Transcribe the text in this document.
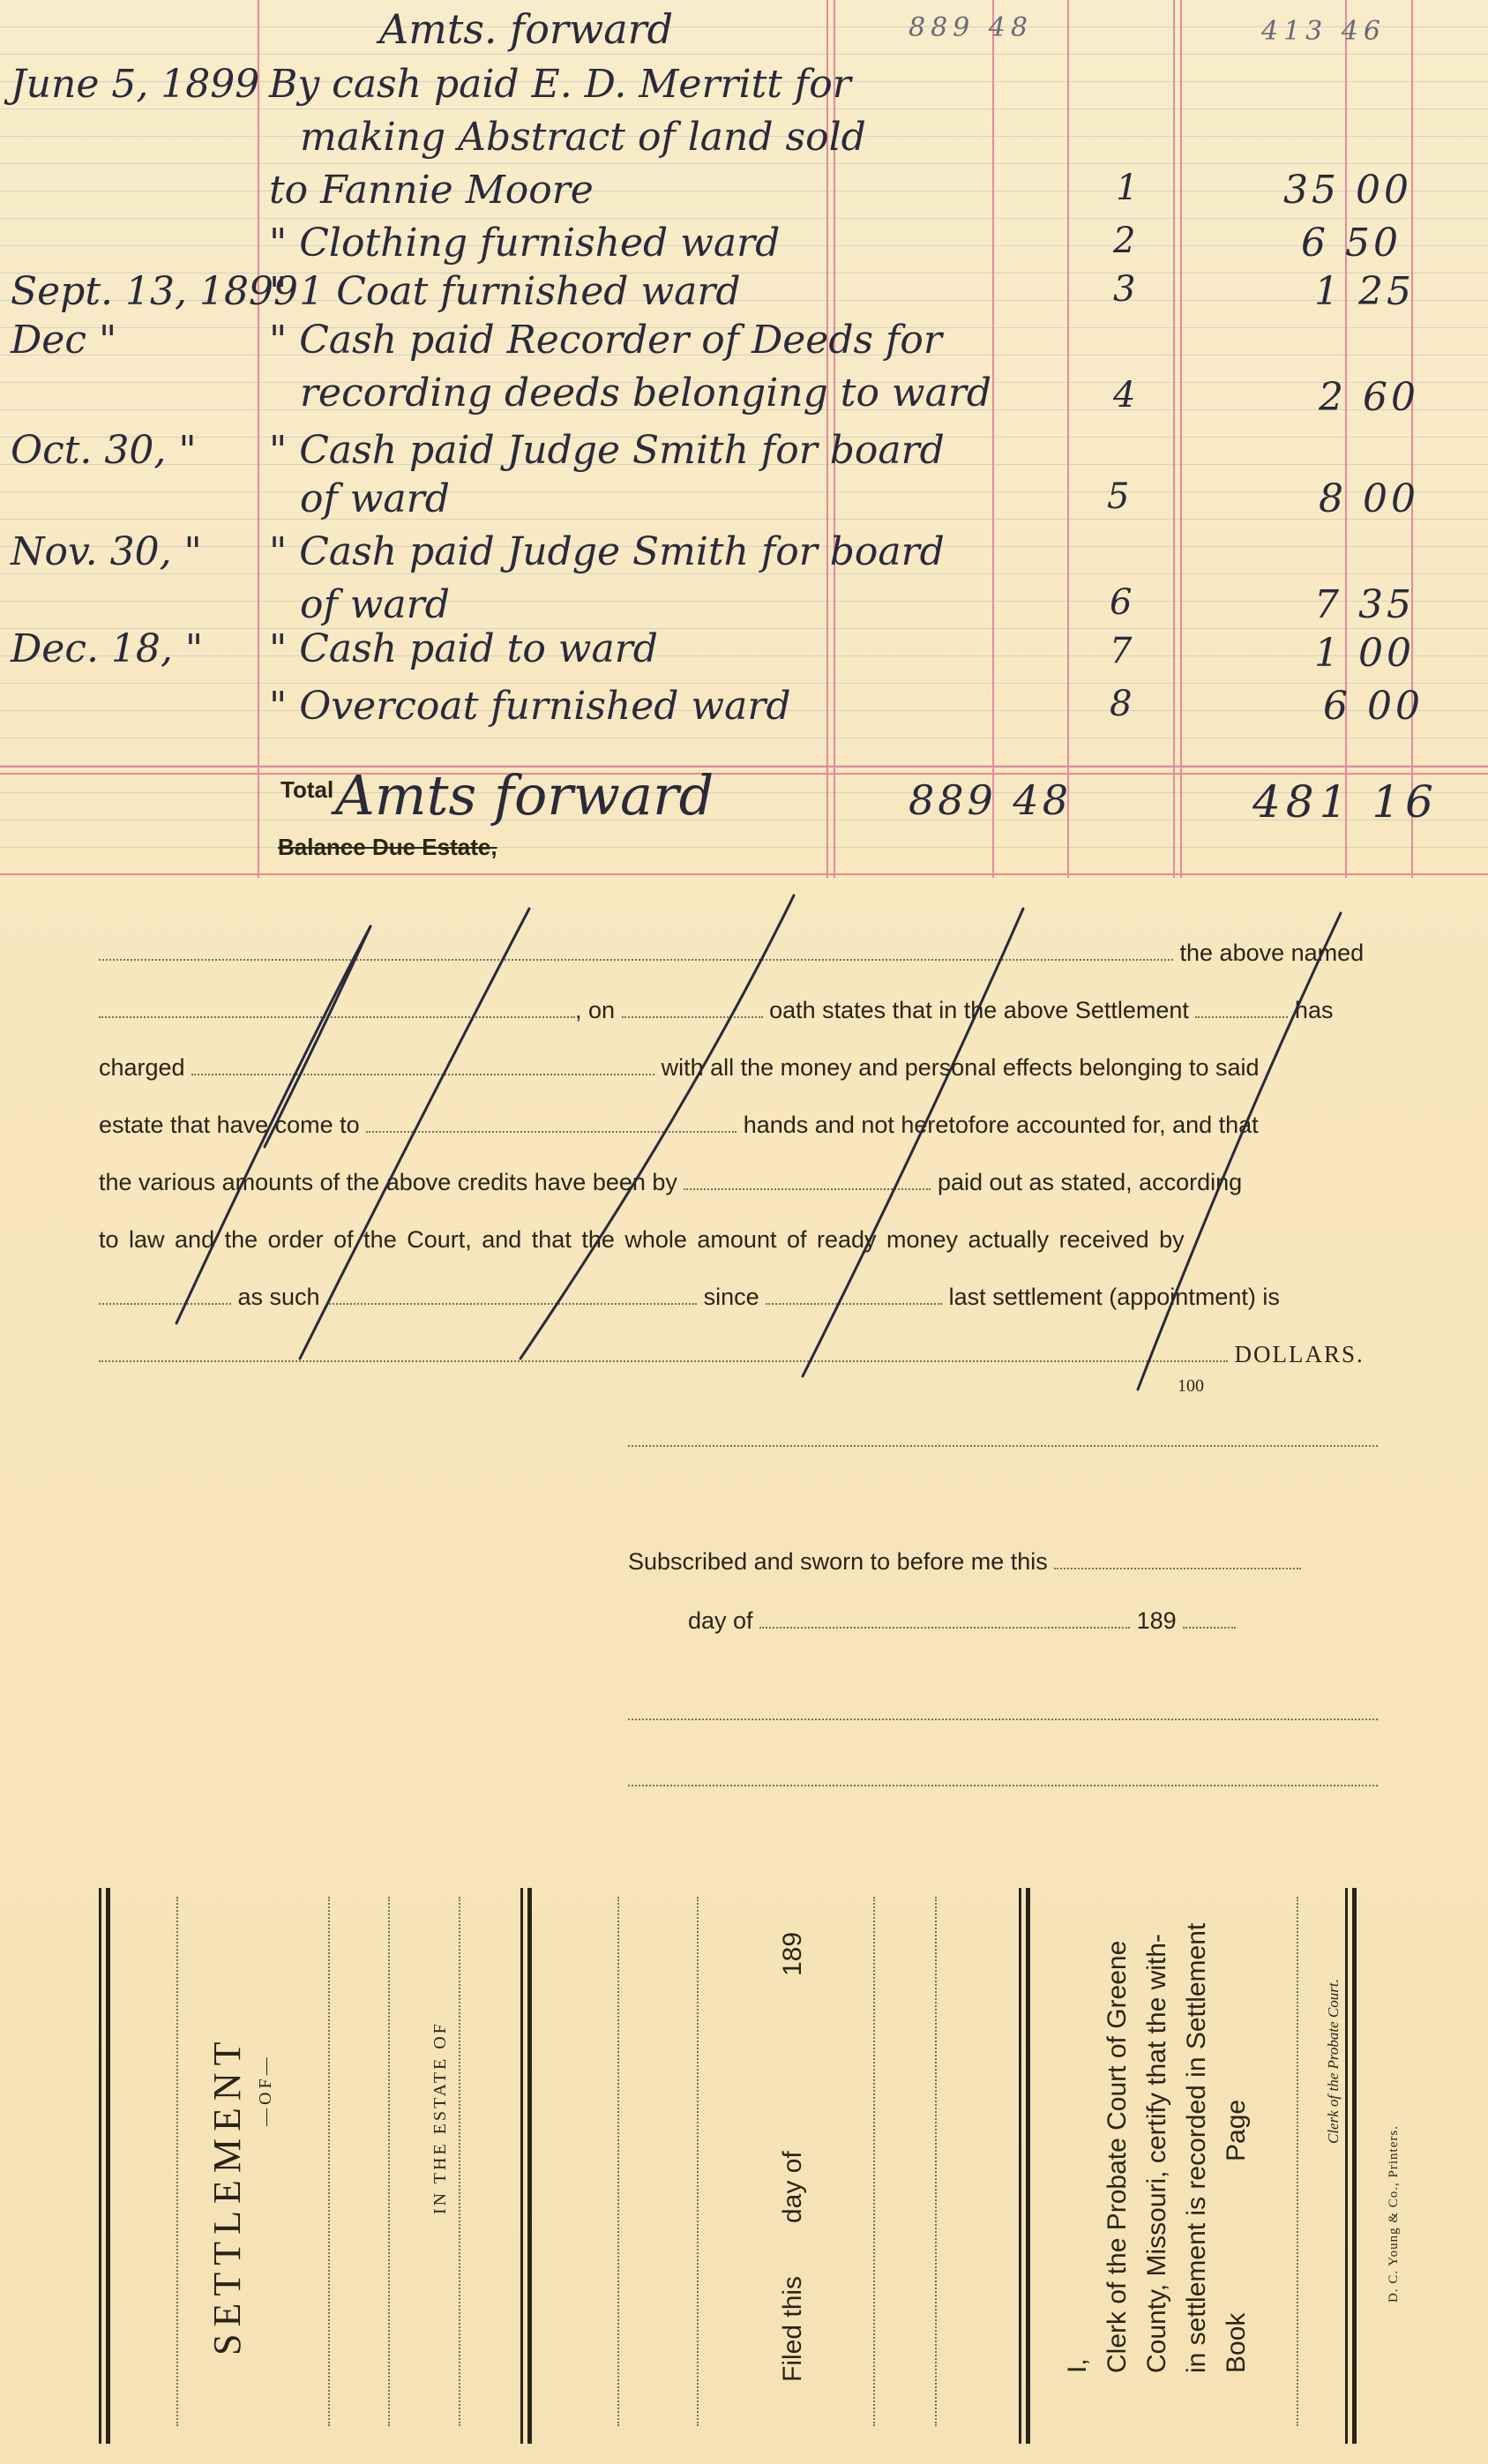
Amts. forward	889 48	413 46
June 5, 1899 By cash paid E. D. Merritt for
making Abstract of land sold
to Fannie Moore	1	35 00
" Clothing furnished ward	2	6 50
Sept. 13, 1899
" 1 Coat furnished ward	3	1 25
Dec "	" Cash paid Recorder of Deeds for
recording deeds belonging to ward	4	2 60
Oct. 30, " " Cash paid Judge Smith for board
of ward	5	8 00
Nov. 30, " " Cash paid Judge Smith for board
of ward	6	7 35
Dec. 18, " " Cash paid to ward	7	1 00
" Overcoat furnished ward	8	6 00
Total Amts forward	889 48	481 16
Balance Due Estate,
the above named
, on	oath states that in the above Settlement	has
charged	with all the money and personal effects belonging to said
estate that have come to	hands and not heretofore accounted for, and that
the various amounts of the above credits have been by	paid out as stated, according
to law and the order of the Court, and that the whole amount of ready money actually received by
as such	since	last settlement (appointment) is
DOLLARS.
100
Subscribed and sworn to before me this
day of	189
SETTLEMENT —OF—	IN THE ESTATE OF
Filed this
day of
189
I, Clerk of the Probate Court of Greene County, Missouri, certify that the with- in settlement is recorded in Settlement Book
Page	Clerk of the Probate Court.
D. C. Young & Co., Printers.
